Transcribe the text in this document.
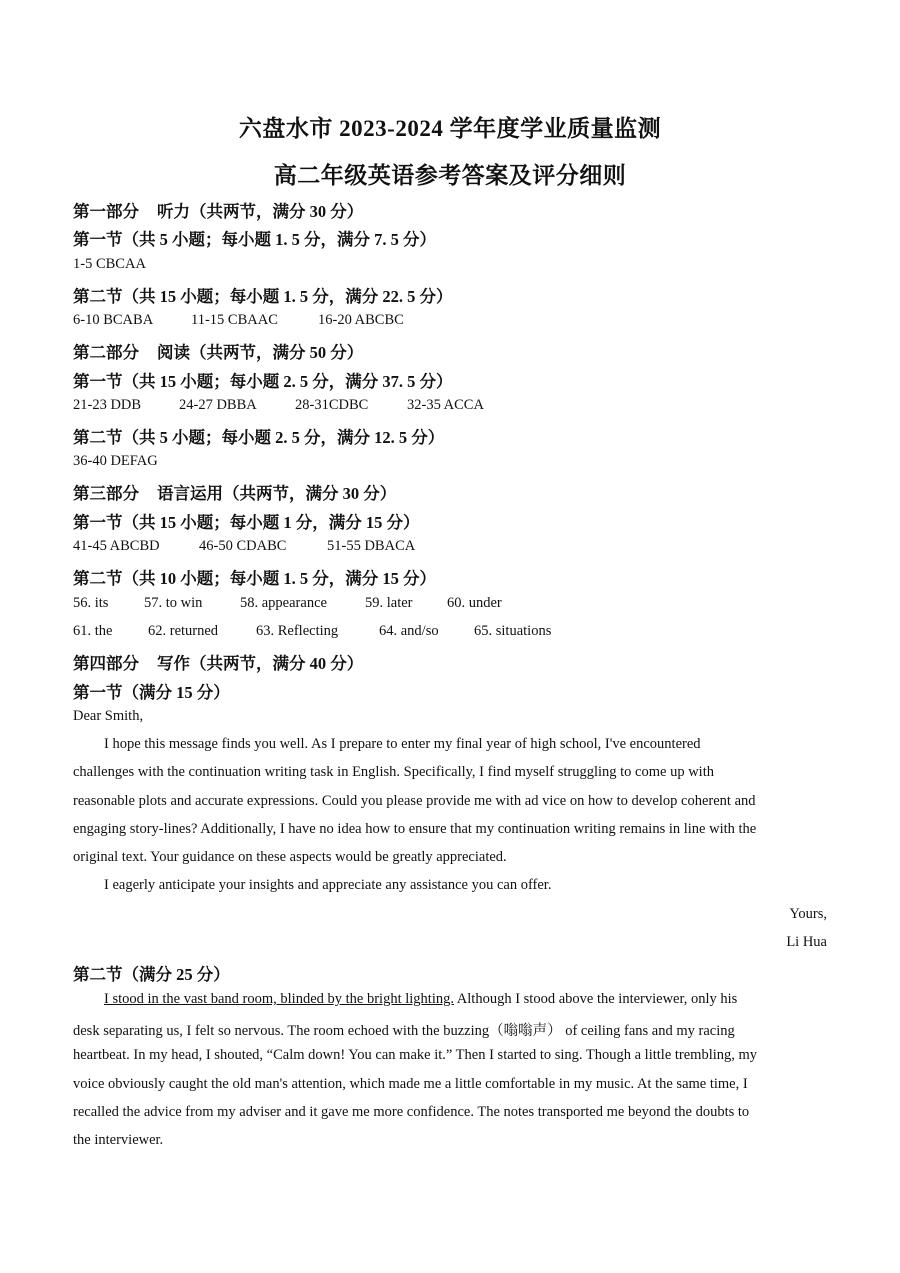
六盘水市 2023-2024 学年度学业质量监测
高二年级英语参考答案及评分细则
第一部分 听力（共两节，满分 30 分）
第一节（共 5 小题；每小题 1. 5 分，满分 7. 5 分）
1-5 CBCAA
第二节（共 15 小题；每小题 1. 5 分，满分 22. 5 分）
6-10 BCABA	11-15 CBAAC	16-20 ABCBC
第二部分 阅读（共两节，满分 50 分）
第一节（共 15 小题；每小题 2. 5 分，满分 37. 5 分）
21-23 DDB	24-27 DBBA	28-31CDBC	32-35 ACCA
第二节（共 5 小题；每小题 2. 5 分，满分 12. 5 分）
36-40 DEFAG
第三部分 语言运用（共两节，满分 30 分）
第一节（共 15 小题；每小题 1 分，满分 15 分）
41-45 ABCBD	46-50 CDABC	51-55 DBACA
第二节（共 10 小题；每小题 1. 5 分，满分 15 分）
56. its 57. to win	58. appearance	59. later 60. under
61. the 62. returned	63. Reflecting	64. and/so 65. situations
第四部分 写作（共两节，满分 40 分）
第一节（满分 15 分）
Dear Smith,
I hope this message finds you well. As I prepare to enter my final year of high school, I've encountered
challenges with the continuation writing task in English. Specifically, I find myself struggling to come up with
reasonable plots and accurate expressions. Could you please provide me with ad vice on how to develop coherent and
engaging story-lines? Additionally, I have no idea how to ensure that my continuation writing remains in line with the
original text. Your guidance on these aspects would be greatly appreciated.
I eagerly anticipate your insights and appreciate any assistance you can offer.
Yours,
Li Hua
第二节（满分 25 分）
I stood in the vast band room, blinded by the bright lighting. Although I stood above the interviewer, only his
desk separating us, I felt so nervous. The room echoed with the buzzing（嗡嗡声） of ceiling fans and my racing
heartbeat. In my head, I shouted, “Calm down! You can make it.” Then I started to sing. Though a little trembling, my
voice obviously caught the old man's attention, which made me a little comfortable in my music. At the same time, I
recalled the advice from my adviser and it gave me more confidence. The notes transported me beyond the doubts to
the interviewer.
